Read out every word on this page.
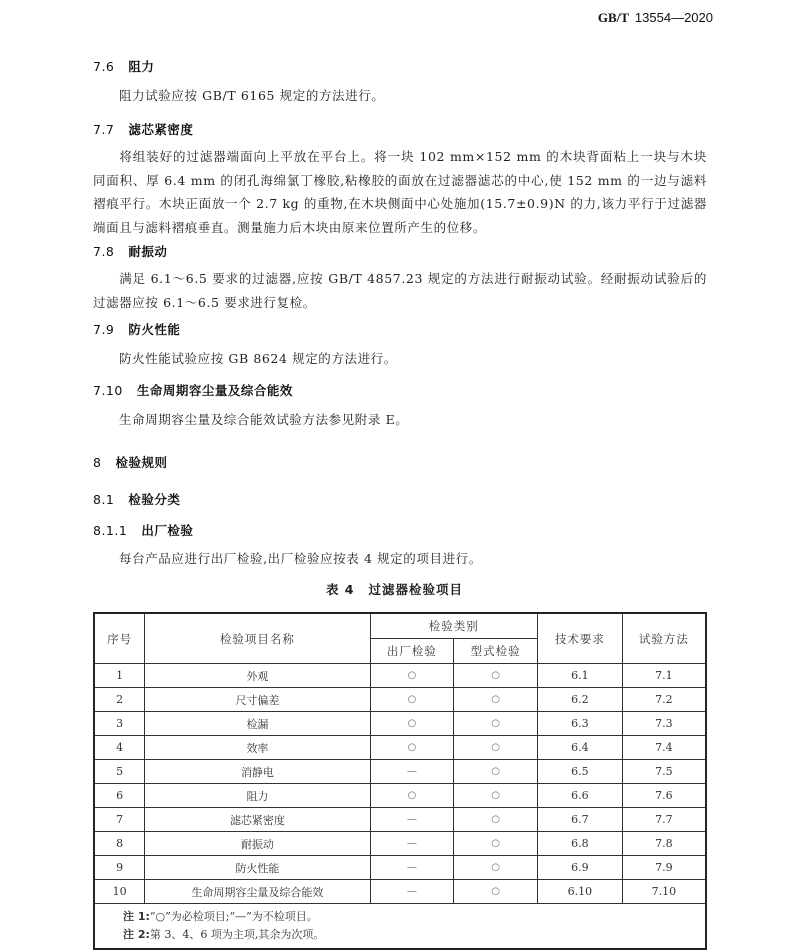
GB/T 13554—2020
7.6 阻力
阻力试验应按 GB/T 6165 规定的方法进行。
7.7 滤芯紧密度
将组装好的过滤器端面向上平放在平台上。将一块 102 mm×152 mm 的木块背面粘上一块与木块同面积、厚 6.4 mm 的闭孔海绵氯丁橡胶,粘橡胶的面放在过滤器滤芯的中心,使 152 mm 的一边与滤料褶痕平行。木块正面放一个 2.7 kg 的重物,在木块侧面中心处施加(15.7±0.9)N 的力,该力平行于过滤器端面且与滤料褶痕垂直。测量施力后木块由原来位置所产生的位移。
7.8 耐振动
满足 6.1～6.5 要求的过滤器,应按 GB/T 4857.23 规定的方法进行耐振动试验。经耐振动试验后的过滤器应按 6.1～6.5 要求进行复检。
7.9 防火性能
防火性能试验应按 GB 8624 规定的方法进行。
7.10 生命周期容尘量及综合能效
生命周期容尘量及综合能效试验方法参见附录 E。
8 检验规则
8.1 检验分类
8.1.1 出厂检验
每台产品应进行出厂检验,出厂检验应按表 4 规定的项目进行。
表 4 过滤器检验项目
序号	检验项目名称	检验类别		技术要求	试验方法
		出厂检验	型式检验		
1	外观	○	○	6.1	7.1
2	尺寸偏差	○	○	6.2	7.2
3	检漏	○	○	6.3	7.3
4	效率	○	○	6.4	7.4
5	消静电	—	○	6.5	7.5
6	阻力	○	○	6.6	7.6
7	滤芯紧密度	—	○	6.7	7.7
8	耐振动	—	○	6.8	7.8
9	防火性能	—	○	6.9	7.9
10	生命周期容尘量及综合能效	—	○	6.10	7.10

注 1:“○”为必检项目;“—”为不检项目。
注 2:第 3、4、6 项为主项,其余为次项。					
